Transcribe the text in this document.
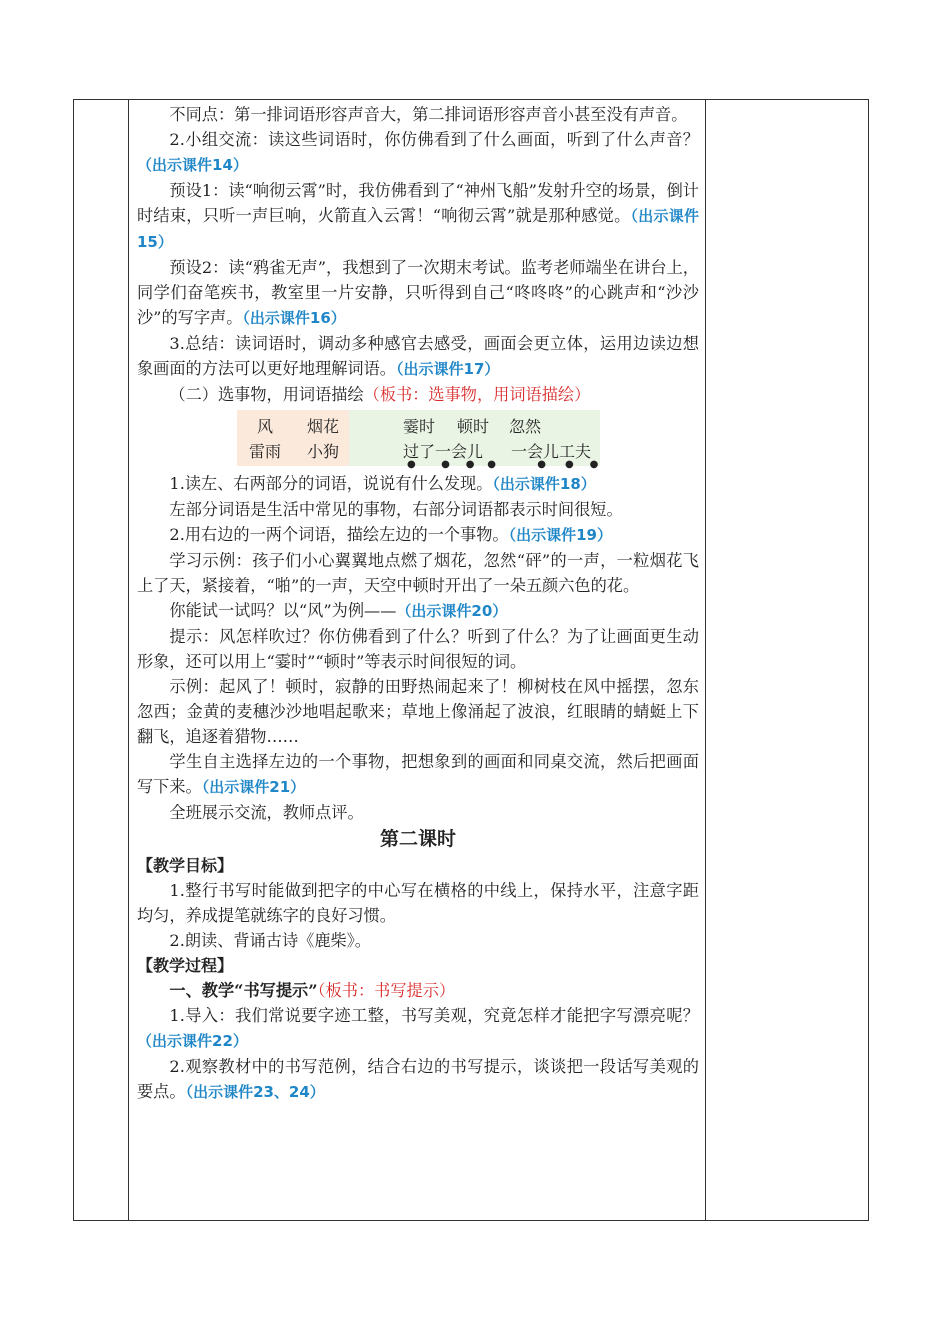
不同点：第一排词语形容声音大，第二排词语形容声音小甚至没有声音。

2.小组交流：读这些词语时，你仿佛看到了什么画面，听到了什么声音？（出示课件14）

预设1：读“响彻云霄”时，我仿佛看到了“神州飞船”发射升空的场景，倒计时结束，只听一声巨响，火箭直入云霄！“响彻云霄”就是那种感觉。（出示课件15）

预设2：读“鸦雀无声”，我想到了一次期末考试。监考老师端坐在讲台上，同学们奋笔疾书，教室里一片安静，只听得到自己“咚咚咚”的心跳声和“沙沙沙”的写字声。（出示课件16）

3.总结：读词语时，调动多种感官去感受，画面会更立体，运用边读边想象画面的方法可以更好地理解词语。（出示课件17）

（二）选事物，用词语描绘（板书：选事物，用词语描绘）

风 烟花
雷雨 小狗
霎时 顿时 忽然
过了一会儿 一会儿工夫
●        ●     ●    ●             ●      ●     ●

1.读左、右两部分的词语，说说有什么发现。（出示课件18）

左部分词语是生活中常见的事物，右部分词语都表示时间很短。

2.用右边的一两个词语，描绘左边的一个事物。（出示课件19）

学习示例：孩子们小心翼翼地点燃了烟花，忽然“砰”的一声，一粒烟花飞上了天，紧接着，“啪”的一声，天空中顿时开出了一朵五颜六色的花。

你能试一试吗？以“风”为例——（出示课件20）

提示：风怎样吹过？你仿佛看到了什么？听到了什么？为了让画面更生动形象，还可以用上“霎时”“顿时”等表示时间很短的词。

示例：起风了！顿时，寂静的田野热闹起来了！柳树枝在风中摇摆，忽东忽西；金黄的麦穗沙沙地唱起歌来；草地上像涌起了波浪，红眼睛的蜻蜓上下翻飞，追逐着猎物……

学生自主选择左边的一个事物，把想象到的画面和同桌交流，然后把画面写下来。（出示课件21）

全班展示交流，教师点评。

第二课时

【教学目标】

1.整行书写时能做到把字的中心写在横格的中线上，保持水平，注意字距均匀，养成提笔就练字的良好习惯。

2.朗读、背诵古诗《鹿柴》。

【教学过程】

一、教学“书写提示”（板书：书写提示）

1.导入：我们常说要字迹工整，书写美观，究竟怎样才能把字写漂亮呢？（出示课件22）

2.观察教材中的书写范例，结合右边的书写提示，谈谈把一段话写美观的要点。（出示课件23、24）
